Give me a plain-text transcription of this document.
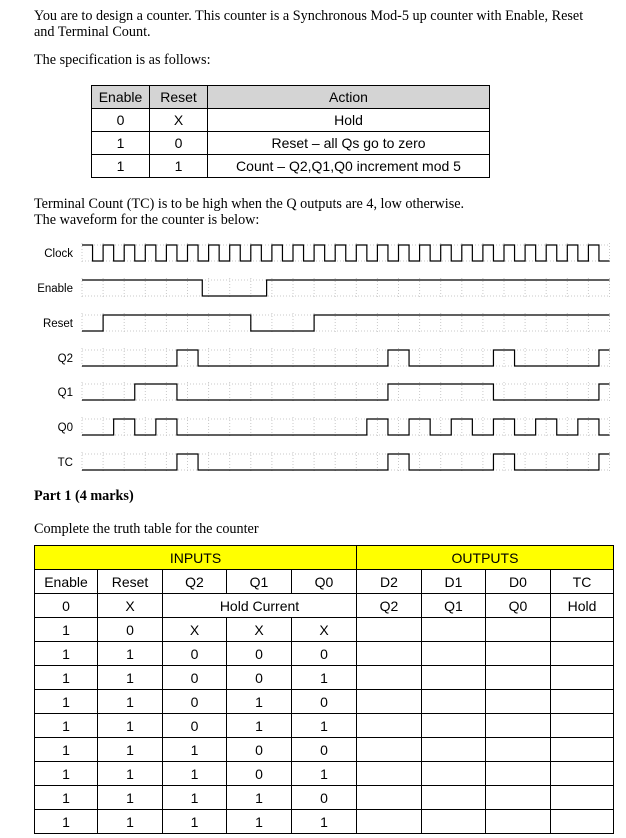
You are to design a counter. This counter is a Synchronous Mod-5 up counter with Enable, Reset
and Terminal Count.
The specification is as follows:
Enable	Reset	Action
0	X	Hold
1	0	Reset – all Qs go to zero
1	1	Count – Q2,Q1,Q0 increment mod 5
Terminal Count (TC) is to be high when the Q outputs are 4, low otherwise.
The waveform for the counter is below:
Clock
Enable
Reset
Q2
Q1
Q0
TC
Part 1 (4 marks)
Complete the truth table for the counter
INPUTS					OUTPUTS			
Enable	Reset	Q2	Q1	Q0	D2	D1	D0	TC
0	X	Hold Current			Q2	Q1	Q0	Hold
1	0	X	X	X				
1	1	0	0	0				
1	1	0	0	1				
1	1	0	1	0				
1	1	0	1	1				
1	1	1	0	0				
1	1	1	0	1				
1	1	1	1	0				
1	1	1	1	1				
